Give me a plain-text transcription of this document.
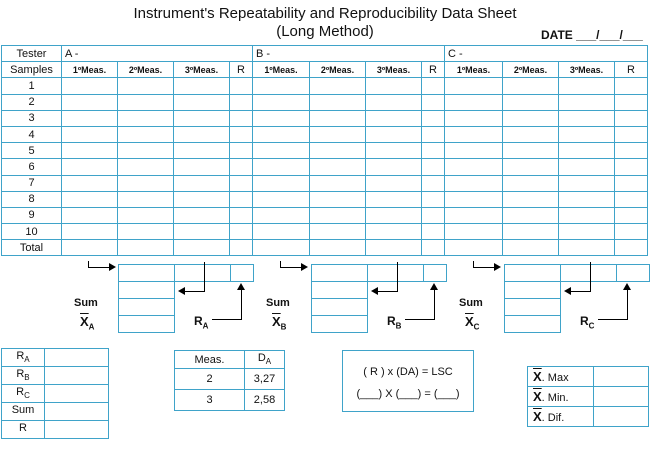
Instrument's Repeatability and Reproducibility Data Sheet
(Long Method)	DATE ___/___/___
Tester	A -				B -				C -			
Samples	1ºMeas.	2ºMeas.	3ºMeas.	R	1ºMeas.	2ºMeas.	3ºMeas.	R	1ºMeas.	2ºMeas.	3ºMeas.	R
1												
2												
3												
4												
5												
6												
7												
8												
9												
10												
Total												
Sum
$\overline{X}_A$	$R_A$
Sum
$\overline{X}_B$	$R_B$
Sum
$\overline{X}_C$	$R_C$
$R_A$	
$R_B$	
$R_C$	
Sum	
R	
Meas.	$D_A$
2	3,27
3	2,58
( R ) x (DA) = LSC
(___) X (___) = (___)
$\overline{X}$. Max	
$\overline{X}$. Min.	
$\overline{X}$. Dif.	
